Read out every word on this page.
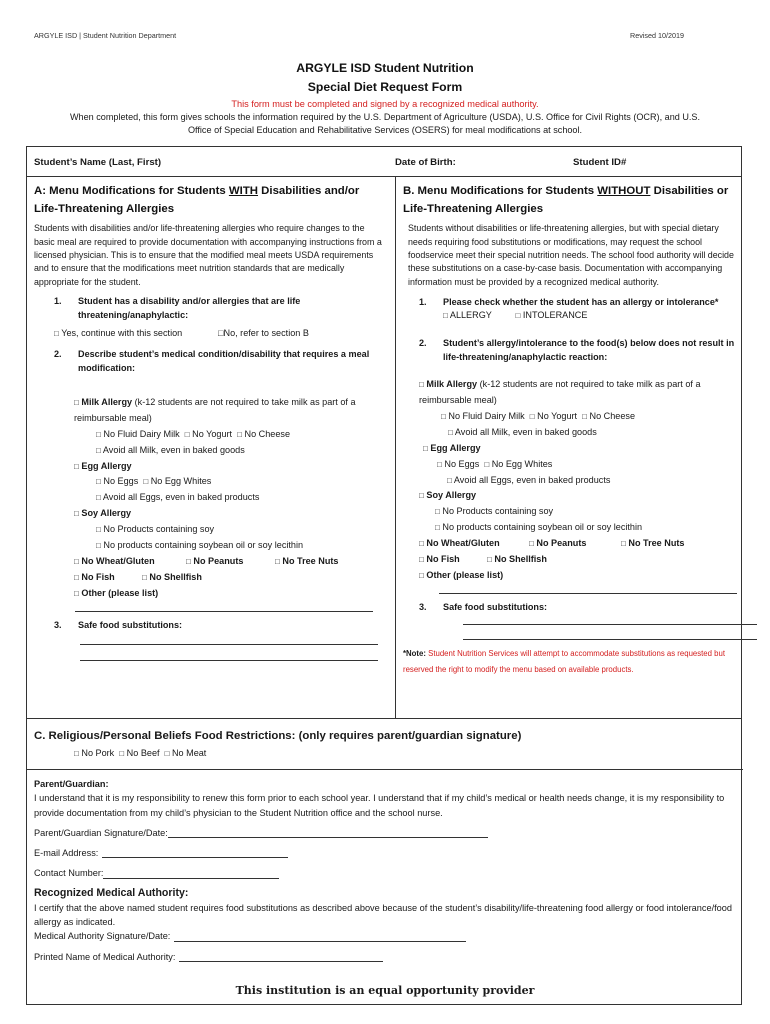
ARGYLE ISD | Student Nutrition Department	Revised 10/2019
ARGYLE ISD Student Nutrition
Special Diet Request Form
This form must be completed and signed by a recognized medical authority.
When completed, this form gives schools the information required by the U.S. Department of Agriculture (USDA), U.S. Office for Civil Rights (OCR), and U.S. Office of Special Education and Rehabilitative Services (OSERS) for meal modifications at school.
Student’s Name (Last, First)	Date of Birth:	Student ID#
A: Menu Modifications for Students WITH Disabilities and/or Life-Threatening Allergies
Students with disabilities and/or life-threatening allergies who require changes to the basic meal are required to provide documentation with accompanying instructions from a licensed physician. This is to ensure that the modified meal meets USDA requirements and to ensure that the modifications meet nutrition standards that are medically appropriate for the student.
1.	Student has a disability and/or allergies that are life threatening/anaphylactic:
□ Yes, continue with this section	□No, refer to section B
2.	Describe student’s medical condition/disability that requires a meal modification:
□ Milk Allergy (k-12 students are not required to take milk as part of a reimbursable meal)
□ No Fluid Dairy Milk □ No Yogurt □ No Cheese
□ Avoid all Milk, even in baked goods
□ Egg Allergy
□ No Eggs □ No Egg Whites
□ Avoid all Eggs, even in baked products
□ Soy Allergy
□ No Products containing soy
□ No products containing soybean oil or soy lecithin
□ No Wheat/Gluten	□ No Peanuts	□ No Tree Nuts
□ No Fish	□ No Shellfish
□ Other (please list)
3.	Safe food substitutions:
B. Menu Modifications for Students WITHOUT Disabilities or Life-Threatening Allergies
Students without disabilities or life-threatening allergies, but with special dietary needs requiring food substitutions or modifications, may request the school foodservice meet their special nutrition needs. The school food authority will decide these substitutions on a case-by-case basis. Documentation with accompanying information must be provided by a recognized medical authority.
1.	Please check whether the student has an allergy or intolerance*
□ ALLERGY	□ INTOLERANCE
2.	Student’s allergy/intolerance to the food(s) below does not result in life-threatening/anaphylactic reaction:
□ Milk Allergy (k-12 students are not required to take milk as part of a reimbursable meal)
□ No Fluid Dairy Milk □ No Yogurt □ No Cheese
□ Avoid all Milk, even in baked goods
□ Egg Allergy
□ No Eggs □ No Egg Whites
□ Avoid all Eggs, even in baked products
□ Soy Allergy
□ No Products containing soy
□ No products containing soybean oil or soy lecithin
□ No Wheat/Gluten	□ No Peanuts	□ No Tree Nuts
□ No Fish	□ No Shellfish
□ Other (please list)
3.	Safe food substitutions:
*Note: Student Nutrition Services will attempt to accommodate substitutions as requested but reserved the right to modify the menu based on available products.
C. Religious/Personal Beliefs Food Restrictions: (only requires parent/guardian signature)
□ No Pork □ No Beef □ No Meat
Parent/Guardian:
I understand that it is my responsibility to renew this form prior to each school year. I understand that if my child’s medical or health needs change, it is my responsibility to provide documentation from my child’s physician to the Student Nutrition office and the school nurse.
Parent/Guardian Signature/Date:
E-mail Address:
Contact Number:
Recognized Medical Authority:
I certify that the above named student requires food substitutions as described above because of the student’s disability/life-threatening food allergy or food intolerance/food allergy as indicated.
Medical Authority Signature/Date:
Printed Name of Medical Authority:
This institution is an equal opportunity provider
